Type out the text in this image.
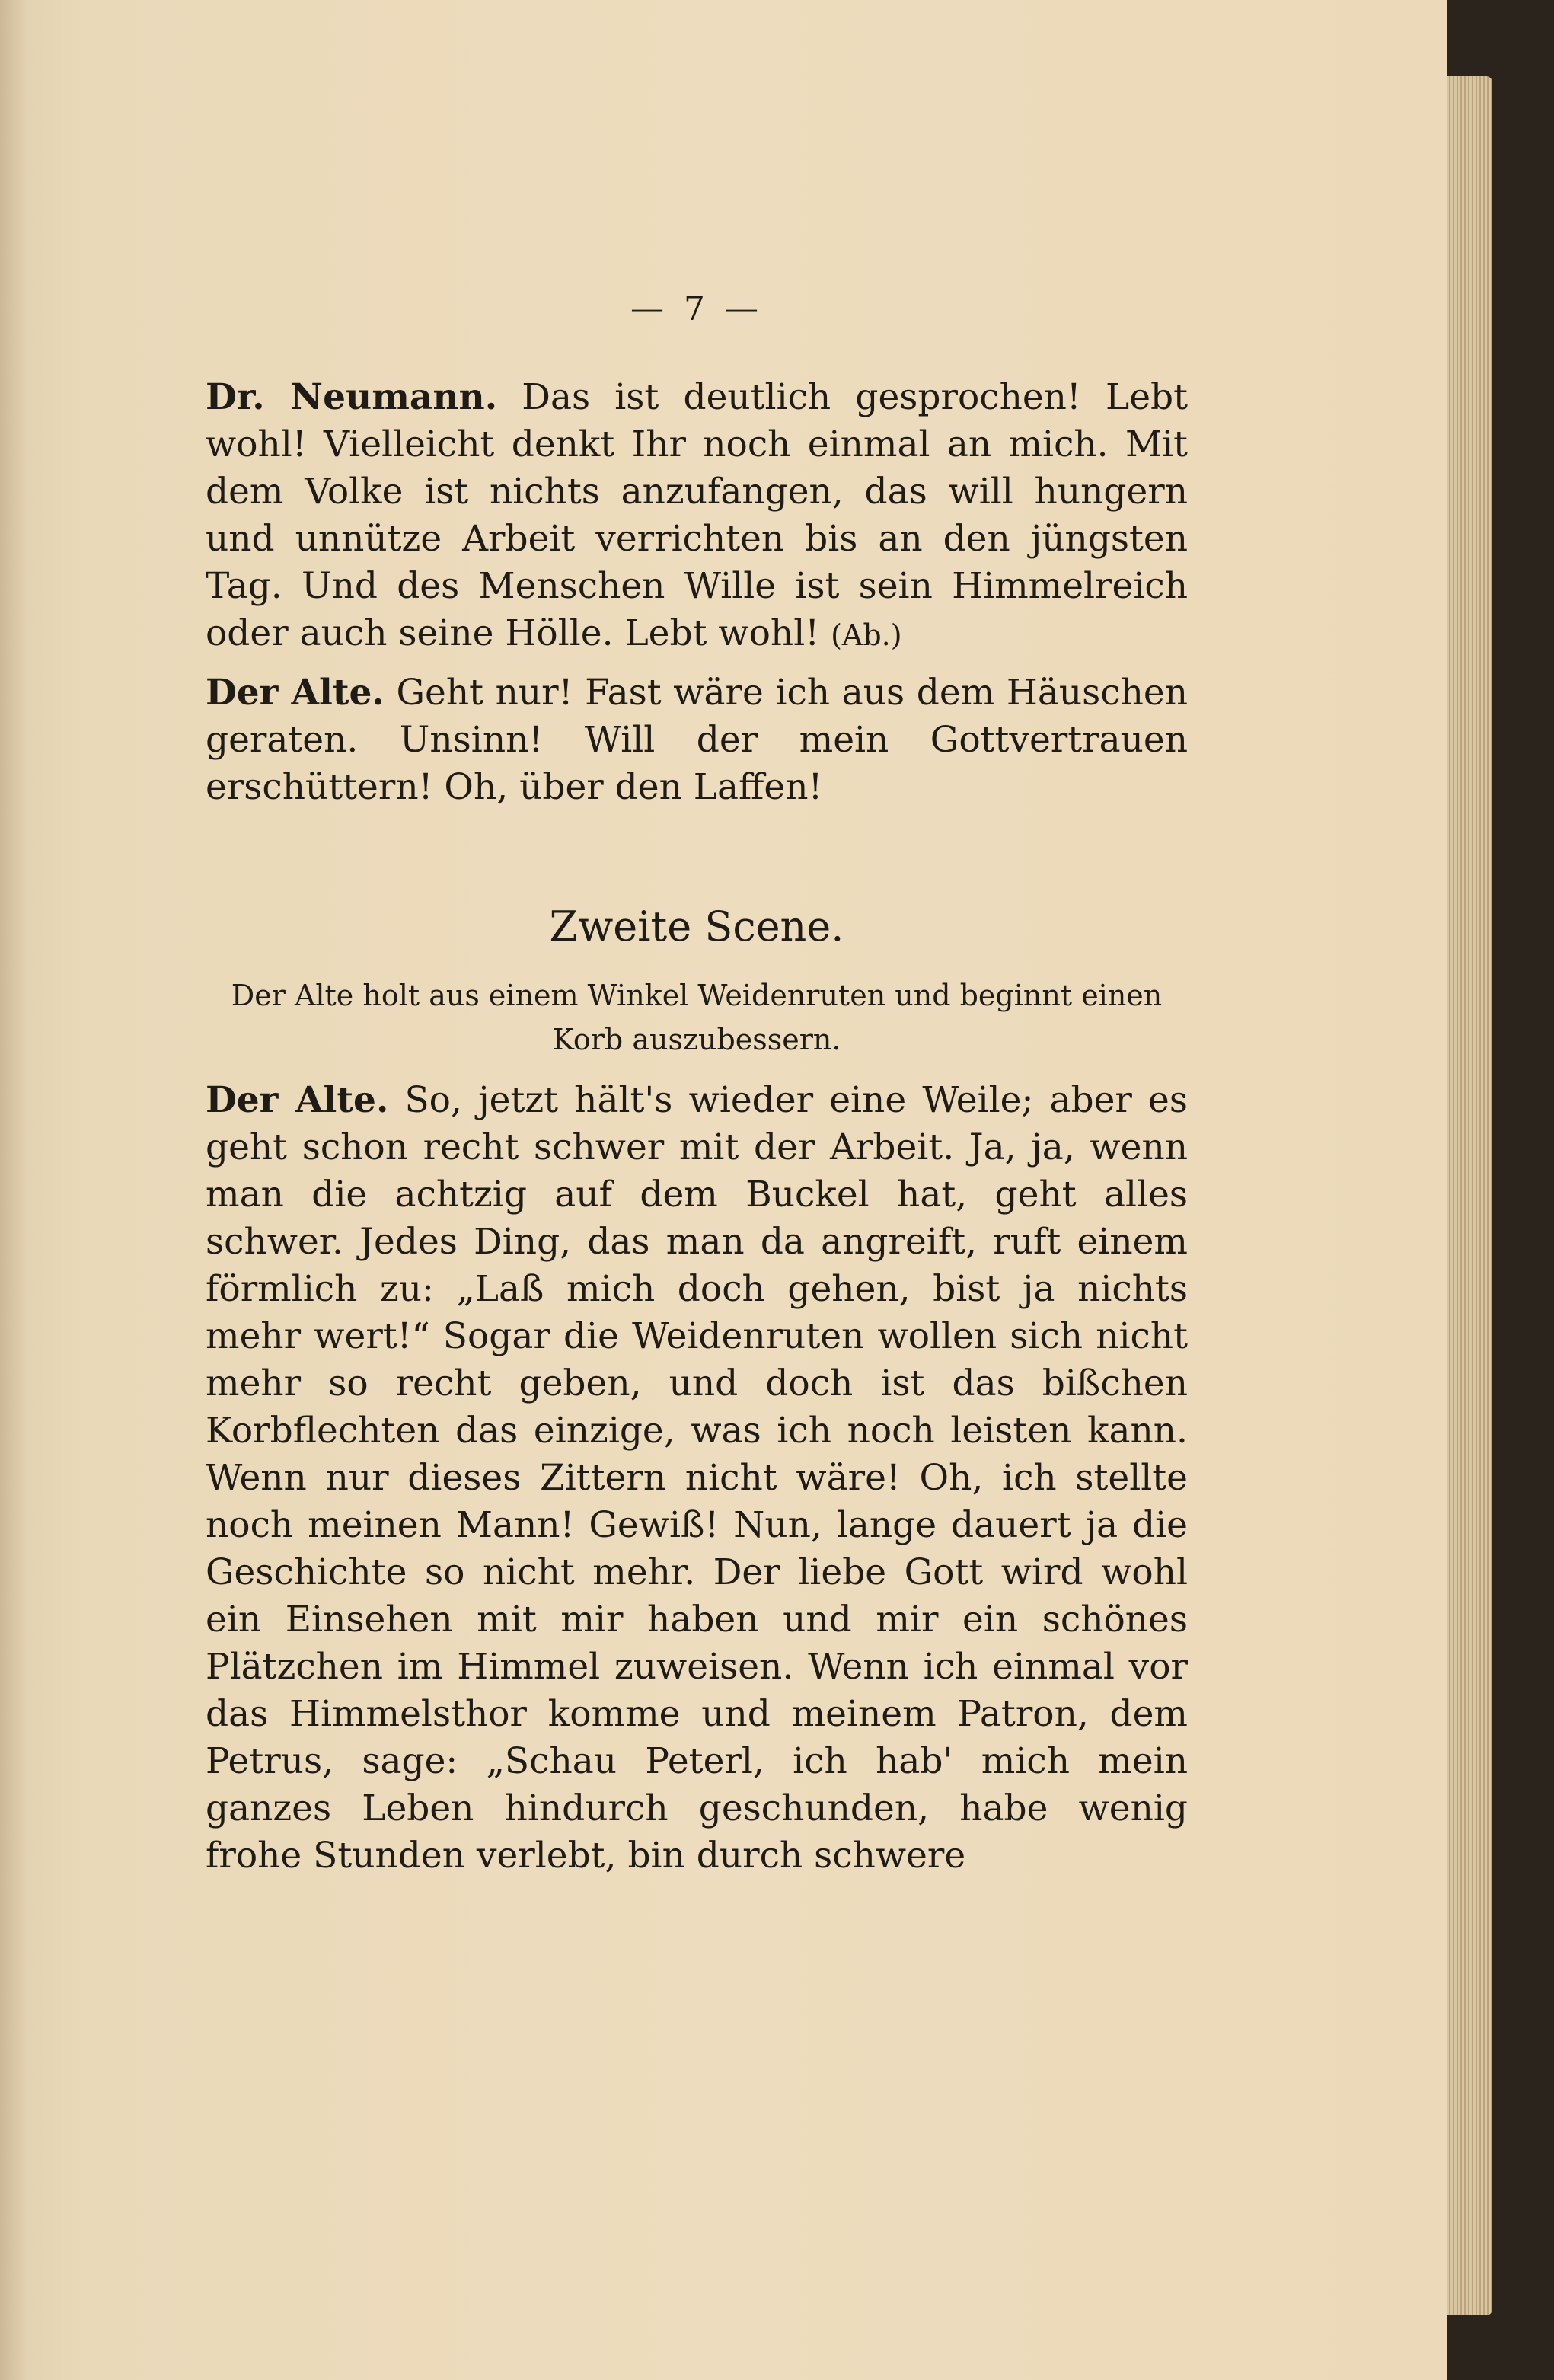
— 7 —

Dr. Neumann. Das ist deutlich gesprochen! Lebt wohl! Vielleicht denkt Ihr noch einmal an mich. Mit dem Volke ist nichts anzufangen, das will hungern und unnütze Arbeit verrichten bis an den jüngsten Tag. Und des Menschen Wille ist sein Himmelreich oder auch seine Hölle. Lebt wohl! (Ab.)

Der Alte. Geht nur! Fast wäre ich aus dem Häuschen geraten. Unsinn! Will der mein Gottvertrauen erschüttern! Oh, über den Laffen!

Zweite Scene.
Der Alte holt aus einem Winkel Weidenruten und beginnt einen Korb auszubessern.

Der Alte. So, jetzt hält's wieder eine Weile; aber es geht schon recht schwer mit der Arbeit. Ja, ja, wenn man die achtzig auf dem Buckel hat, geht alles schwer. Jedes Ding, das man da angreift, ruft einem förmlich zu: „Laß mich doch gehen, bist ja nichts mehr wert!“ Sogar die Weidenruten wollen sich nicht mehr so recht geben, und doch ist das bißchen Korbflechten das einzige, was ich noch leisten kann. Wenn nur dieses Zittern nicht wäre! Oh, ich stellte noch meinen Mann! Gewiß! Nun, lange dauert ja die Geschichte so nicht mehr. Der liebe Gott wird wohl ein Einsehen mit mir haben und mir ein schönes Plätzchen im Himmel zuweisen. Wenn ich einmal vor das Himmelsthor komme und meinem Patron, dem Petrus, sage: „Schau Peterl, ich hab' mich mein ganzes Leben hindurch geschunden, habe wenig frohe Stunden verlebt, bin durch schwere
